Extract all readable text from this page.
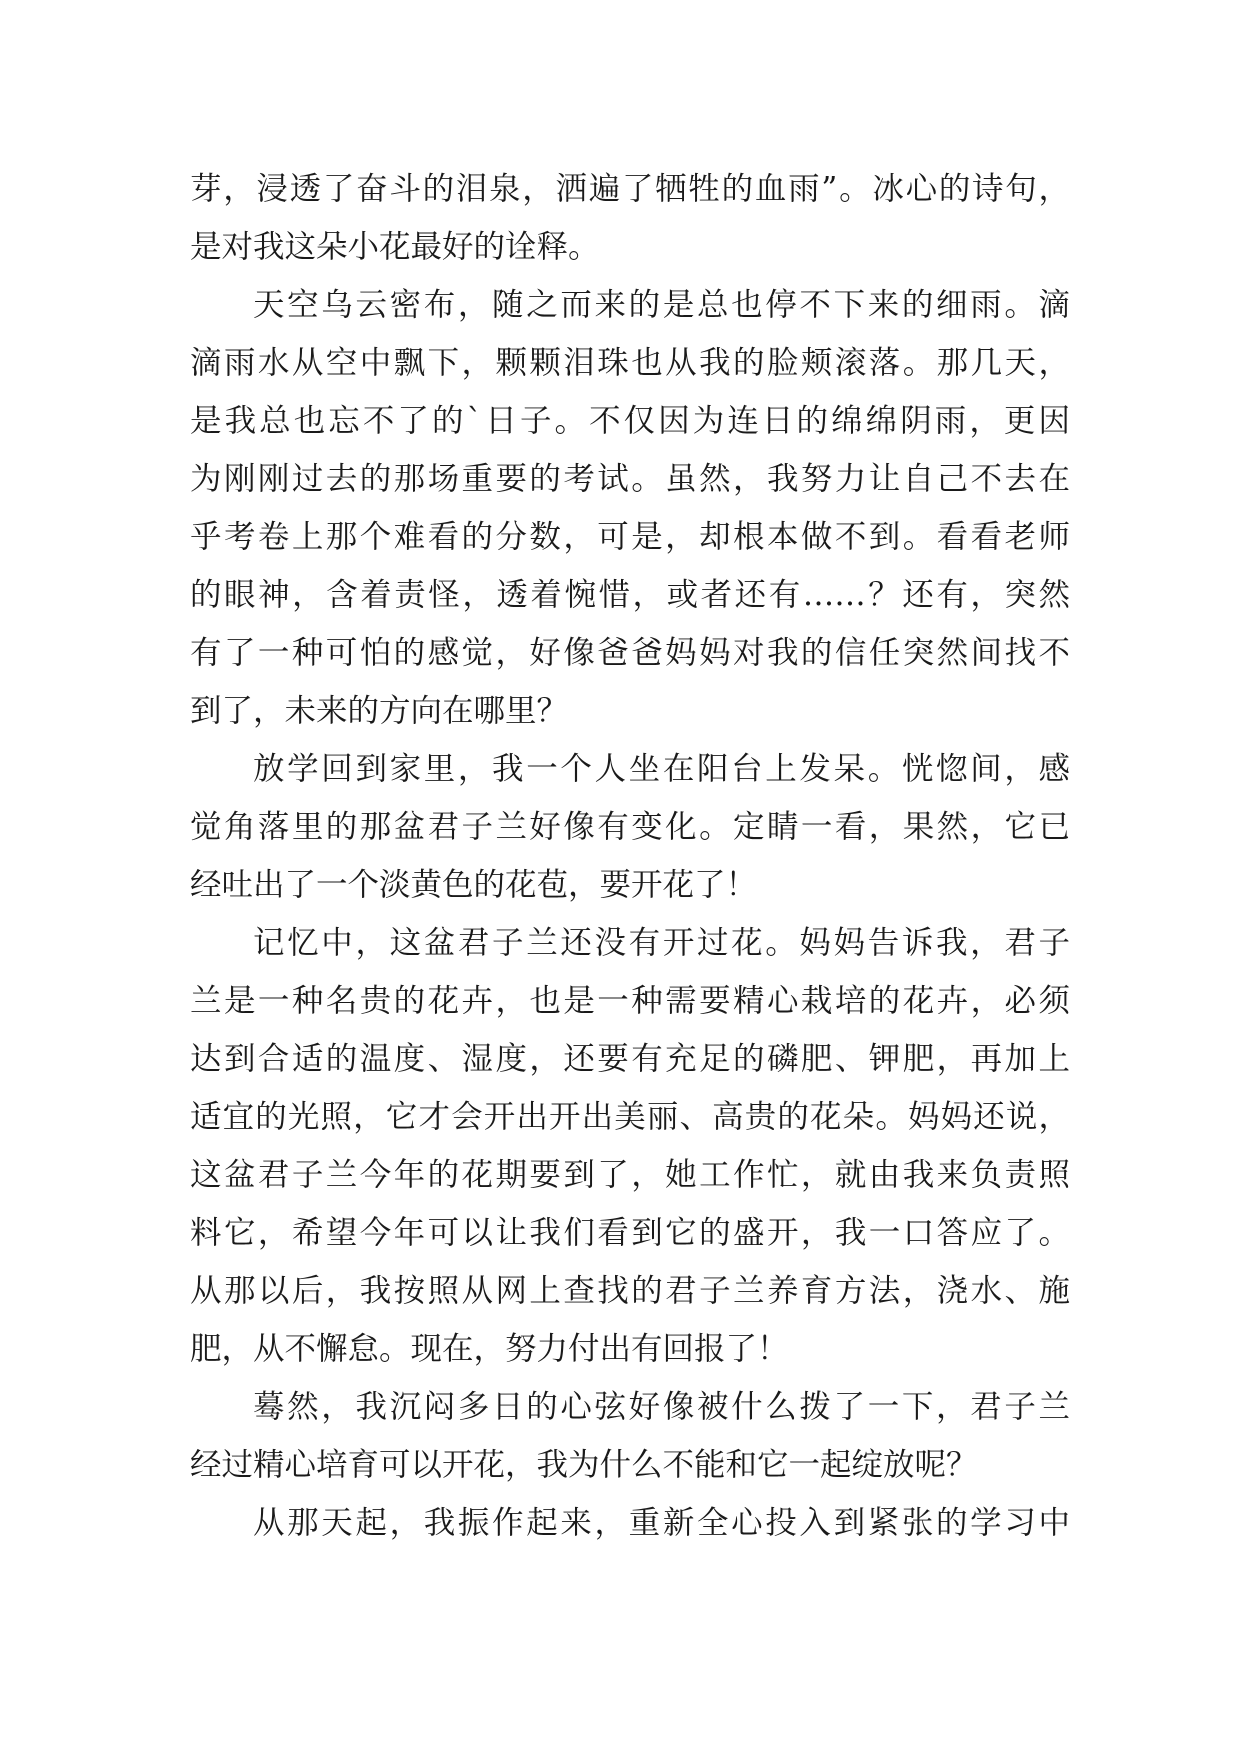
芽，浸透了奋斗的泪泉，洒遍了牺牲的血雨”。冰心的诗句，
是对我这朵小花最好的诠释。
天空乌云密布，随之而来的是总也停不下来的细雨。滴
滴雨水从空中飘下，颗颗泪珠也从我的脸颊滚落。那几天，
是我总也忘不了的`日子。不仅因为连日的绵绵阴雨，更因
为刚刚过去的那场重要的考试。虽然，我努力让自己不去在
乎考卷上那个难看的分数，可是，却根本做不到。看看老师
的眼神，含着责怪，透着惋惜，或者还有……？还有，突然
有了一种可怕的感觉，好像爸爸妈妈对我的信任突然间找不
到了，未来的方向在哪里？
放学回到家里，我一个人坐在阳台上发呆。恍惚间，感
觉角落里的那盆君子兰好像有变化。定睛一看，果然，它已
经吐出了一个淡黄色的花苞，要开花了！
记忆中，这盆君子兰还没有开过花。妈妈告诉我，君子
兰是一种名贵的花卉，也是一种需要精心栽培的花卉，必须
达到合适的温度、湿度，还要有充足的磷肥、钾肥，再加上
适宜的光照，它才会开出开出美丽、高贵的花朵。妈妈还说，
这盆君子兰今年的花期要到了，她工作忙，就由我来负责照
料它，希望今年可以让我们看到它的盛开，我一口答应了。
从那以后，我按照从网上查找的君子兰养育方法，浇水、施
肥，从不懈怠。现在，努力付出有回报了！
蓦然，我沉闷多日的心弦好像被什么拨了一下，君子兰
经过精心培育可以开花，我为什么不能和它一起绽放呢？
从那天起，我振作起来，重新全心投入到紧张的学习中
